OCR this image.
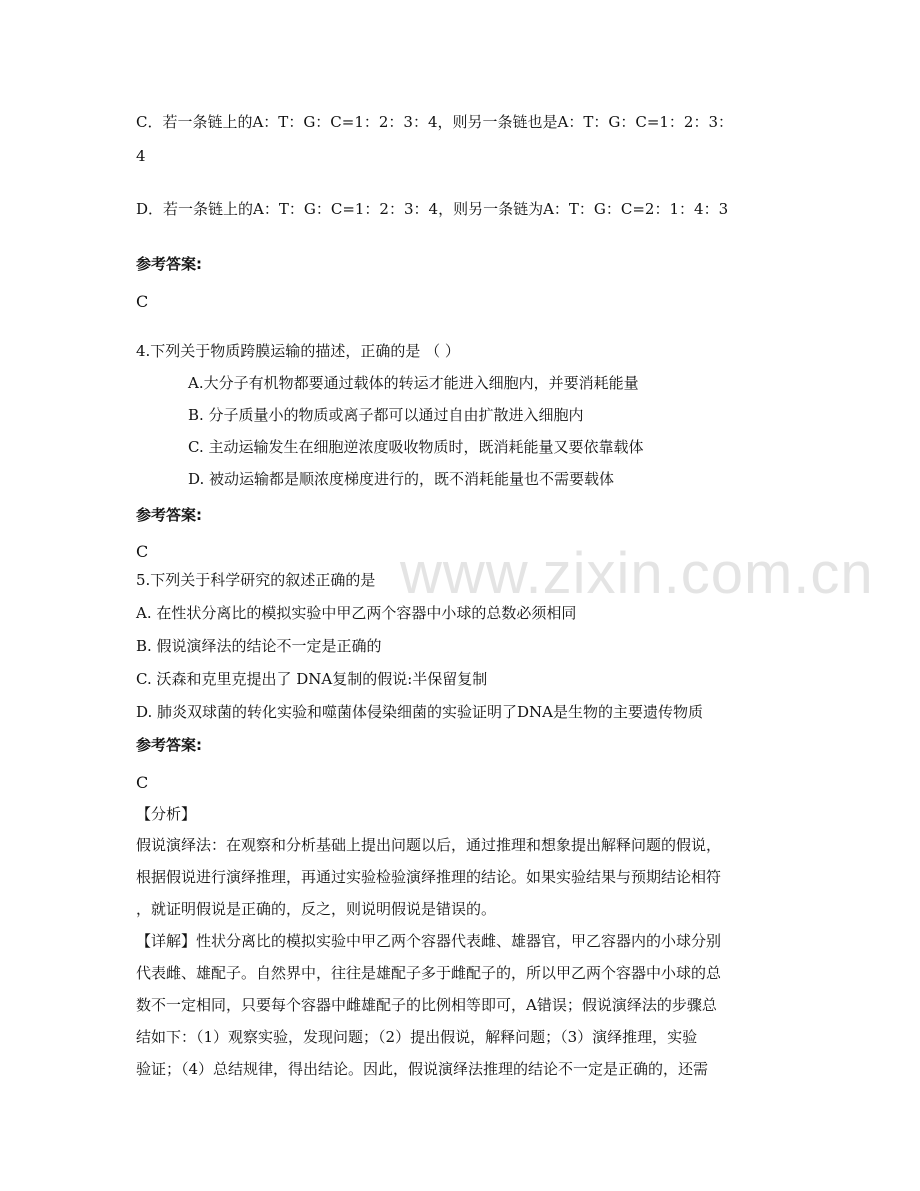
www.zixin.com.cn
C．若一条链上的A：T：G：C=1：2：3：4，则另一条链也是A：T：G：C=1：2：3：
4
D．若一条链上的A：T：G：C=1：2：3：4，则另一条链为A：T：G：C=2：1：4：3
参考答案:
C
4.下列关于物质跨膜运输的描述，正确的是 （ ）
A.大分子有机物都要通过载体的转运才能进入细胞内，并要消耗能量
B. 分子质量小的物质或离子都可以通过自由扩散进入细胞内
C. 主动运输发生在细胞逆浓度吸收物质时，既消耗能量又要依靠载体
D. 被动运输都是顺浓度梯度进行的，既不消耗能量也不需要载体
参考答案:
C
5.下列关于科学研究的叙述正确的是
A. 在性状分离比的模拟实验中甲乙两个容器中小球的总数必须相同
B. 假说演绎法的结论不一定是正确的
C. 沃森和克里克提出了 DNA复制的假说:半保留复制
D. 肺炎双球菌的转化实验和噬菌体侵染细菌的实验证明了DNA是生物的主要遗传物质
参考答案:
C
【分析】
假说演绎法：在观察和分析基础上提出问题以后，通过推理和想象提出解释问题的假说，
根据假说进行演绎推理，再通过实验检验演绎推理的结论。如果实验结果与预期结论相符
，就证明假说是正确的，反之，则说明假说是错误的。
【详解】性状分离比的模拟实验中甲乙两个容器代表雌、雄器官，甲乙容器内的小球分别
代表雌、雄配子。自然界中，往往是雄配子多于雌配子的，所以甲乙两个容器中小球的总
数不一定相同，只要每个容器中雌雄配子的比例相等即可，A错误；假说演绎法的步骤总
结如下：（1）观察实验，发现问题；（2）提出假说，解释问题；（3）演绎推理，实验
验证；（4）总结规律，得出结论。因此，假说演绎法推理的结论不一定是正确的，还需
